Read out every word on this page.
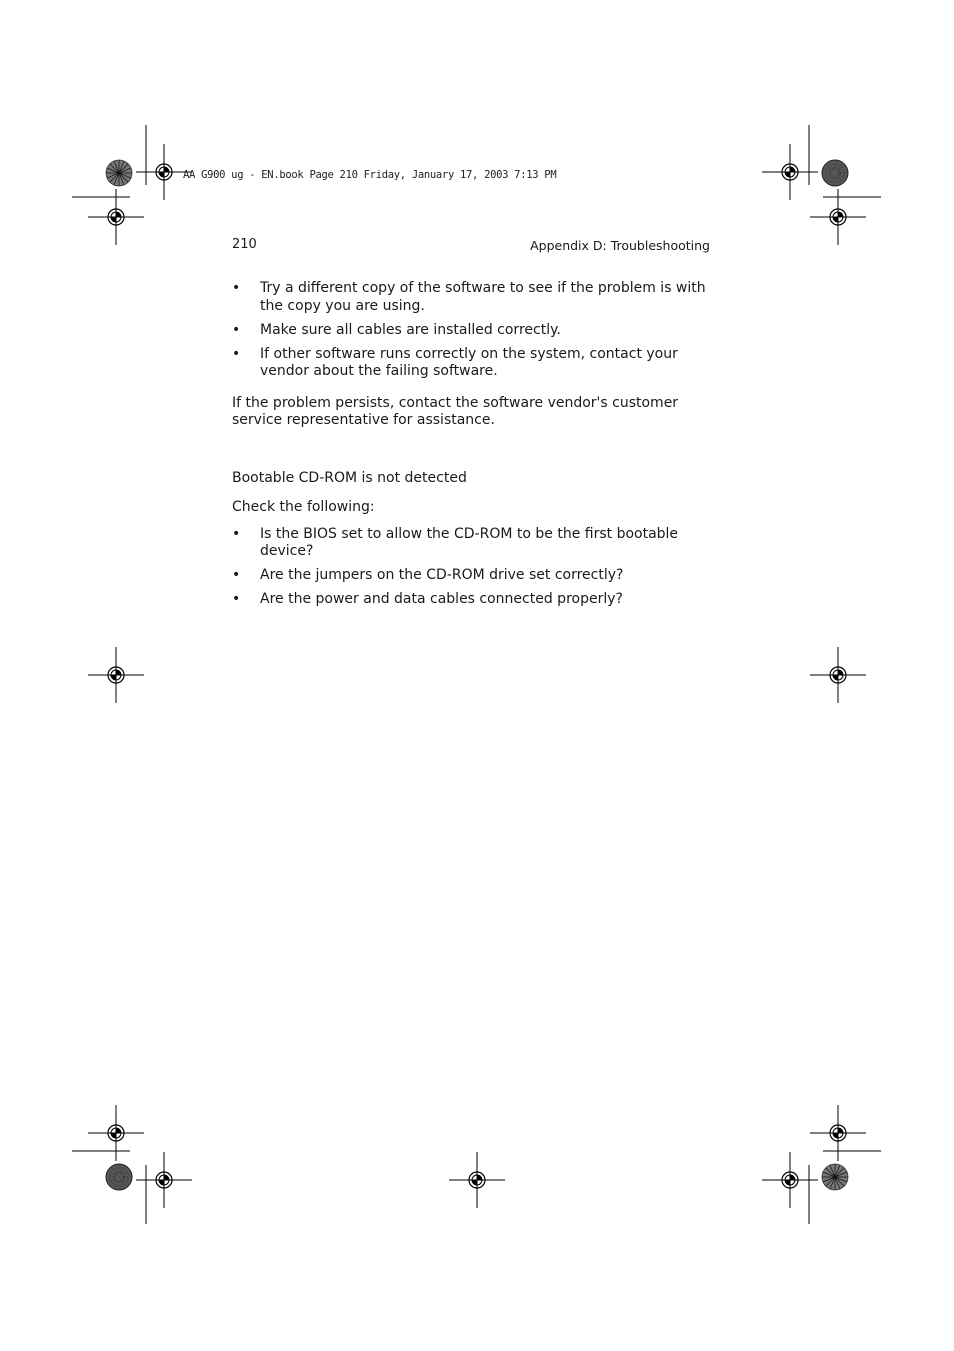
AA G900 ug - EN.book Page 210 Friday, January 17, 2003 7:13 PM
210	Appendix D: Troubleshooting
• Try a different copy of the software to see if the problem is with the copy you are using.
• Make sure all cables are installed correctly.
• If other software runs correctly on the system, contact your vendor about the failing software.

If the problem persists, contact the software vendor's customer service representative for assistance.

Bootable CD-ROM is not detected

Check the following:

• Is the BIOS set to allow the CD-ROM to be the first bootable device?
• Are the jumpers on the CD-ROM drive set correctly?
• Are the power and data cables connected properly?
